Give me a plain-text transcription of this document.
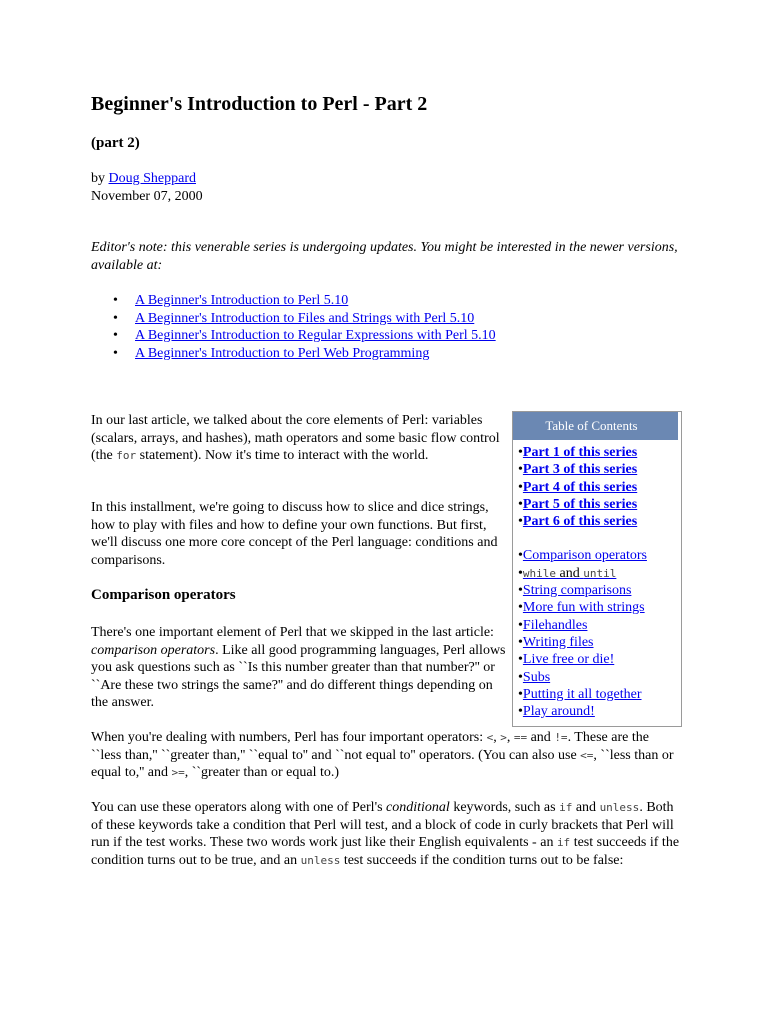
Beginner's Introduction to Perl - Part 2
(part 2)
by Doug Sheppard
November 07, 2000
Editor's note: this venerable series is undergoing updates. You might be interested in the newer versions, available at:
• A Beginner's Introduction to Perl 5.10
• A Beginner's Introduction to Files and Strings with Perl 5.10
• A Beginner's Introduction to Regular Expressions with Perl 5.10
• A Beginner's Introduction to Perl Web Programming
In our last article, we talked about the core elements of Perl: variables (scalars, arrays, and hashes), math operators and some basic flow control (the for statement). Now it's time to interact with the world.
In this installment, we're going to discuss how to slice and dice strings, how to play with files and how to define your own functions. But first, we'll discuss one more core concept of the Perl language: conditions and comparisons.
Comparison operators
There's one important element of Perl that we skipped in the last article: comparison operators. Like all good programming languages, Perl allows you ask questions such as ``Is this number greater than that number?'' or ``Are these two strings the same?'' and do different things depending on the answer.
When you're dealing with numbers, Perl has four important operators: <, >, == and !=. These are the ``less than,'' ``greater than,'' ``equal to'' and ``not equal to'' operators. (You can also use <=, ``less than or equal to,'' and >=, ``greater than or equal to.)
You can use these operators along with one of Perl's conditional keywords, such as if and unless. Both of these keywords take a condition that Perl will test, and a block of code in curly brackets that Perl will run if the test works. These two words work just like their English equivalents - an if test succeeds if the condition turns out to be true, and an unless test succeeds if the condition turns out to be false:
Table of Contents
•Part 1 of this series
•Part 3 of this series
•Part 4 of this series
•Part 5 of this series
•Part 6 of this series
•Comparison operators
•while and until
•String comparisons
•More fun with strings
•Filehandles
•Writing files
•Live free or die!
•Subs
•Putting it all together
•Play around!
